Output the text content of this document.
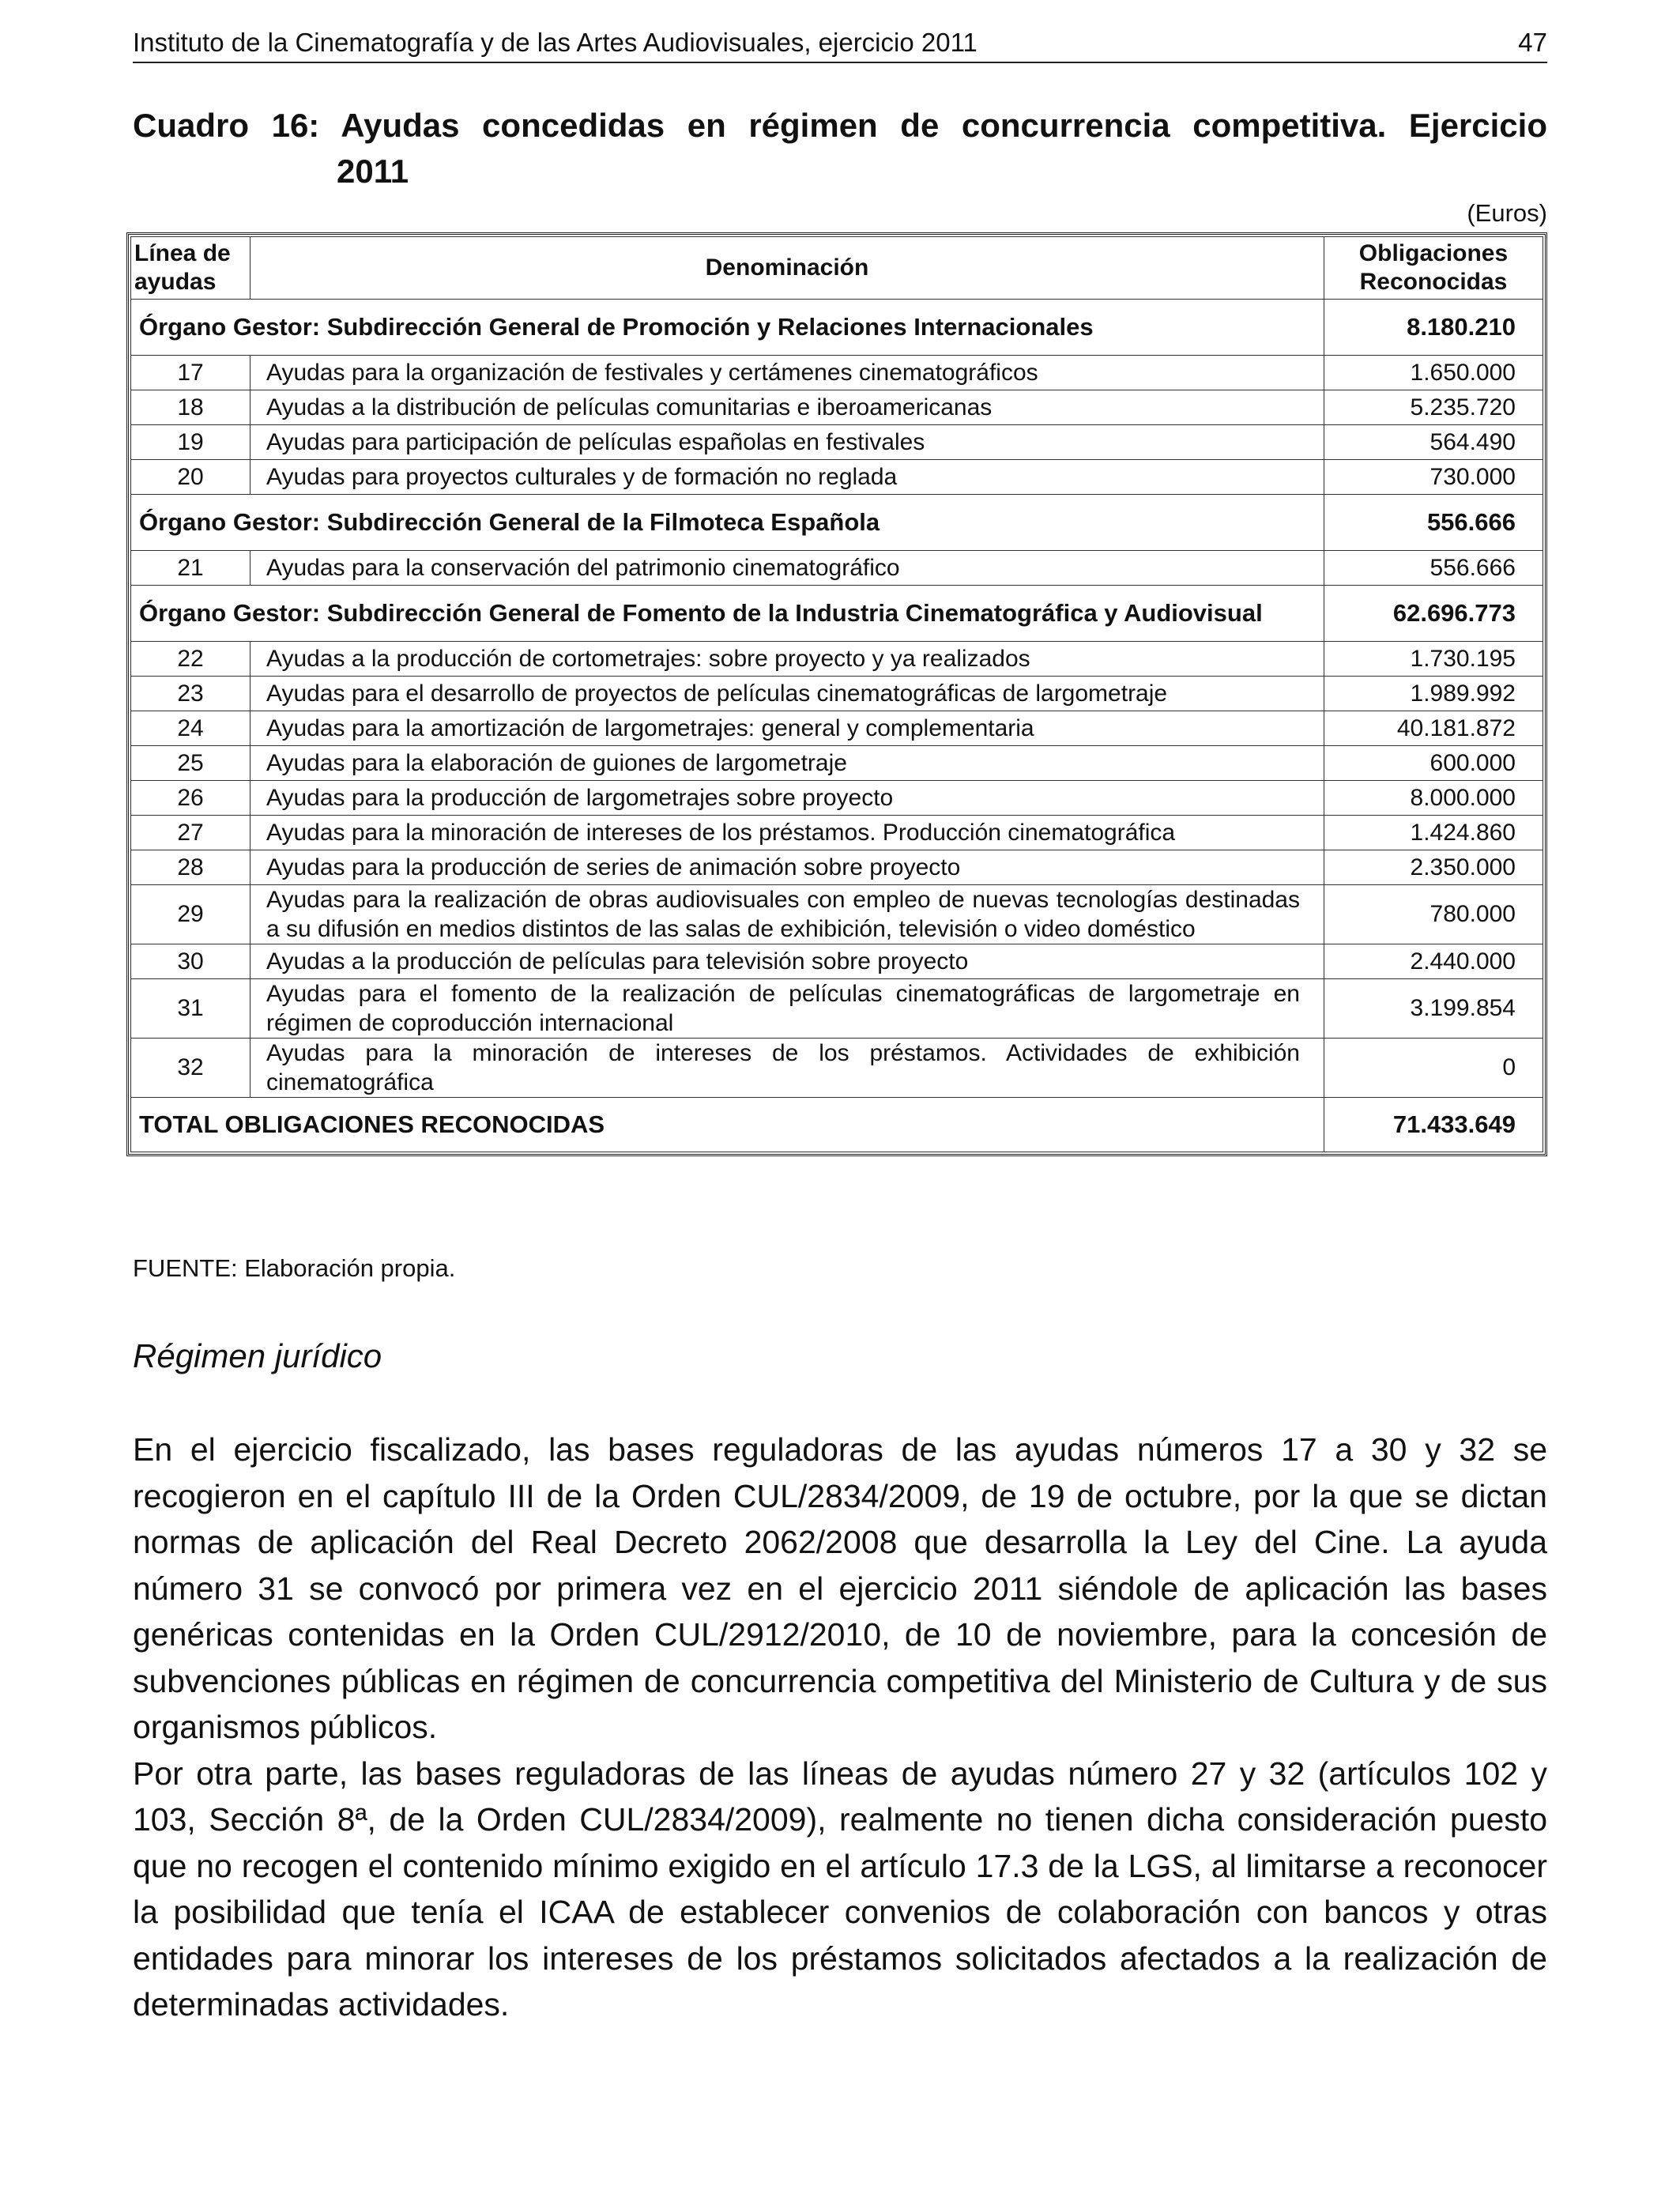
Instituto de la Cinematografía y de las Artes Audiovisuales, ejercicio 2011	47
Cuadro 16: Ayudas concedidas en régimen de concurrencia competitiva. Ejercicio
2011
(Euros)
Línea de ayudas	Denominación	Obligaciones Reconocidas
Órgano Gestor: Subdirección General de Promoción y Relaciones Internacionales		8.180.210
17	Ayudas para la organización de festivales y certámenes cinematográficos	1.650.000
18	Ayudas a la distribución de películas comunitarias e iberoamericanas	5.235.720
19	Ayudas para participación de películas españolas en festivales	564.490
20	Ayudas para proyectos culturales y de formación no reglada	730.000
Órgano Gestor: Subdirección General de la Filmoteca Española		556.666
21	Ayudas para la conservación del patrimonio cinematográfico	556.666
Órgano Gestor: Subdirección General de Fomento de la Industria Cinematográfica y Audiovisual		62.696.773
22	Ayudas a la producción de cortometrajes: sobre proyecto y ya realizados	1.730.195
23	Ayudas para el desarrollo de proyectos de películas cinematográficas de largometraje	1.989.992
24	Ayudas para la amortización de largometrajes: general y complementaria	40.181.872
25	Ayudas para la elaboración de guiones de largometraje	600.000
26	Ayudas para la producción de largometrajes sobre proyecto	8.000.000
27	Ayudas para la minoración de intereses de los préstamos. Producción cinematográfica	1.424.860
28	Ayudas para la producción de series de animación sobre proyecto	2.350.000
29	Ayudas para la realización de obras audiovisuales con empleo de nuevas tecnologías destinadas a su difusión en medios distintos de las salas de exhibición, televisión o video doméstico	780.000
30	Ayudas a la producción de películas para televisión sobre proyecto	2.440.000
31	Ayudas para el fomento de la realización de películas cinematográficas de largometraje en régimen de coproducción internacional	3.199.854
32	Ayudas para la minoración de intereses de los préstamos. Actividades de exhibición cinematográfica	0
TOTAL OBLIGACIONES RECONOCIDAS		71.433.649
FUENTE: Elaboración propia.
Régimen jurídico

En el ejercicio fiscalizado, las bases reguladoras de las ayudas números 17 a 30 y 32 se recogieron en el capítulo III de la Orden CUL/2834/2009, de 19 de octubre, por la que se dictan normas de aplicación del Real Decreto 2062/2008 que desarrolla la Ley del Cine. La ayuda número 31 se convocó por primera vez en el ejercicio 2011 siéndole de aplicación las bases genéricas contenidas en la Orden CUL/2912/2010, de 10 de noviembre, para la concesión de subvenciones públicas en régimen de concurrencia competitiva del Ministerio de Cultura y de sus organismos públicos.

Por otra parte, las bases reguladoras de las líneas de ayudas número 27 y 32 (artículos 102 y 103, Sección 8ª, de la Orden CUL/2834/2009), realmente no tienen dicha consideración puesto que no recogen el contenido mínimo exigido en el artículo 17.3 de la LGS, al limitarse a reconocer la posibilidad que tenía el ICAA de establecer convenios de colaboración con bancos y otras entidades para minorar los intereses de los préstamos solicitados afectados a la realización de determinadas actividades.
